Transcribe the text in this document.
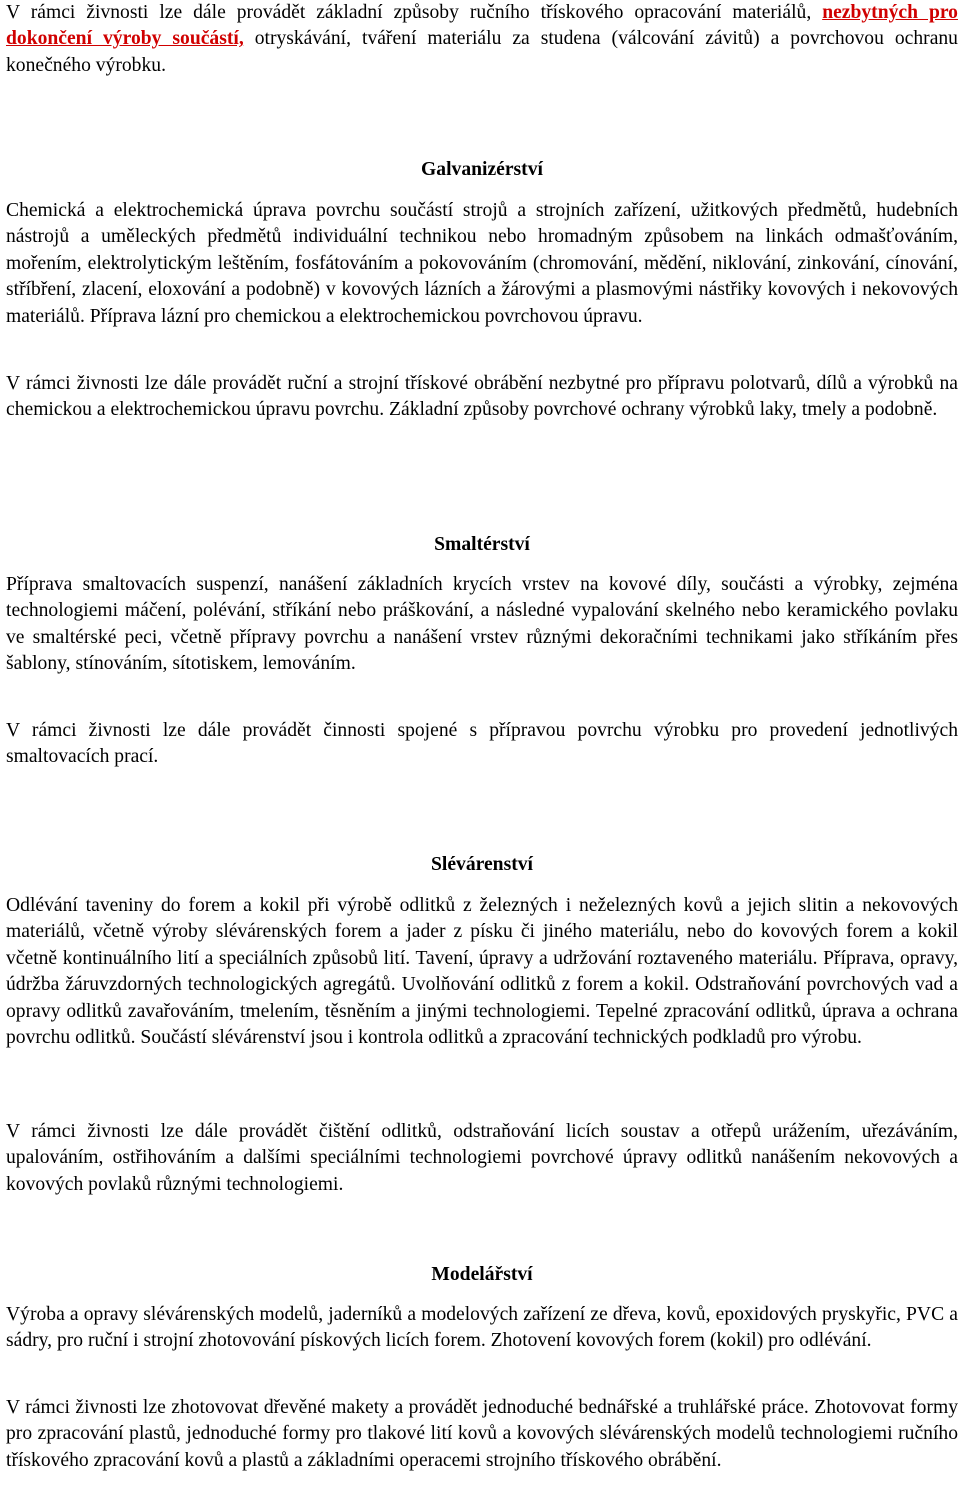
V rámci živnosti lze dále provádět základní způsoby ručního třískového opracování materiálů, nezbytných pro dokončení výroby součástí, otryskávání, tváření materiálu za studena (válcování závitů) a povrchovou ochranu konečného výrobku.

Galvanizérství

Chemická a elektrochemická úprava povrchu součástí strojů a strojních zařízení, užitkových předmětů, hudebních nástrojů a uměleckých předmětů individuální technikou nebo hromadným způsobem na linkách odmašťováním, mořením, elektrolytickým leštěním, fosfátováním a pokovováním (chromování, mědění, niklování, zinkování, cínování, stříbření, zlacení, eloxování a podobně) v kovových lázních a žárovými a plasmovými nástřiky kovových i nekovových materiálů. Příprava lázní pro chemickou a elektrochemickou povrchovou úpravu.

V rámci živnosti lze dále provádět ruční a strojní třískové obrábění nezbytné pro přípravu polotvarů, dílů a výrobků na chemickou a elektrochemickou úpravu povrchu. Základní způsoby povrchové ochrany výrobků laky, tmely a podobně.

Smaltérství

Příprava smaltovacích suspenzí, nanášení základních krycích vrstev na kovové díly, součásti a výrobky, zejména technologiemi máčení, polévání, stříkání nebo práškování, a následné vypalování skelného nebo keramického povlaku ve smaltérské peci, včetně přípravy povrchu a nanášení vrstev různými dekoračními technikami jako stříkáním přes šablony, stínováním, sítotiskem, lemováním.

V rámci živnosti lze dále provádět činnosti spojené s přípravou povrchu výrobku pro provedení jednotlivých smaltovacích prací.

Slévárenství

Odlévání taveniny do forem a kokil při výrobě odlitků z železných i neželezných kovů a jejich slitin a nekovových materiálů, včetně výroby slévárenských forem a jader z písku či jiného materiálu, nebo do kovových forem a kokil včetně kontinuálního lití a speciálních způsobů lití. Tavení, úpravy a udržování roztaveného materiálu. Příprava, opravy, údržba žáruvzdorných technologických agregátů. Uvolňování odlitků z forem a kokil. Odstraňování povrchových vad a opravy odlitků zavařováním, tmelením, těsněním a jinými technologiemi. Tepelné zpracování odlitků, úprava a ochrana povrchu odlitků. Součástí slévárenství jsou i kontrola odlitků a zpracování technických podkladů pro výrobu.

V rámci živnosti lze dále provádět čištění odlitků, odstraňování licích soustav a otřepů urážením, uřezáváním, upalováním, ostřihováním a dalšími speciálními technologiemi povrchové úpravy odlitků nanášením nekovových a kovových povlaků různými technologiemi.

Modelářství

Výroba a opravy slévárenských modelů, jaderníků a modelových zařízení ze dřeva, kovů, epoxidových pryskyřic, PVC a sádry, pro ruční i strojní zhotovování pískových licích forem. Zhotovení kovových forem (kokil) pro odlévání.

V rámci živnosti lze zhotovovat dřevěné makety a provádět jednoduché bednářské a truhlářské práce. Zhotovovat formy pro zpracování plastů, jednoduché formy pro tlakové lití kovů a kovových slévárenských modelů technologiemi ručního třískového zpracování kovů a plastů a základními operacemi strojního třískového obrábění.
